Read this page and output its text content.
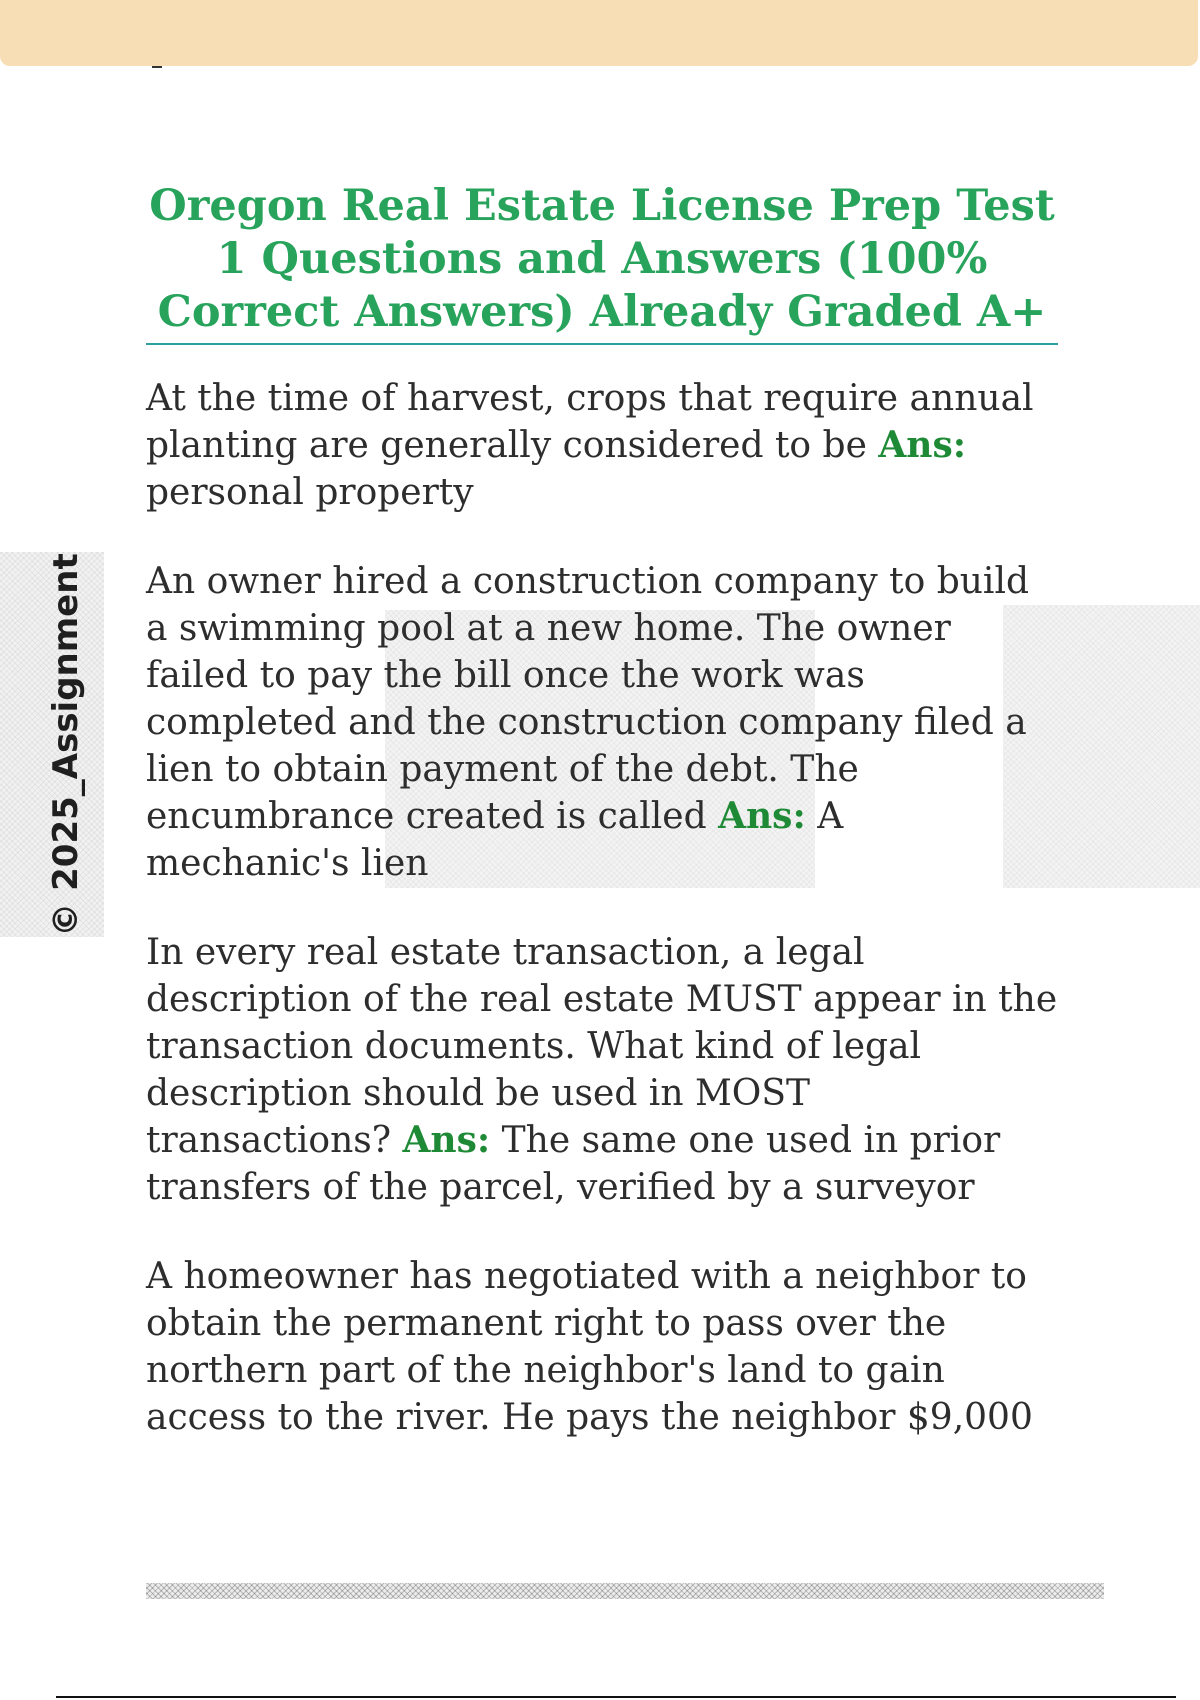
© 2025_Assignment
Oregon Real Estate License Prep Test 1 Questions and Answers (100% Correct Answers) Already Graded A+

At the time of harvest, crops that require annual planting are generally considered to be Ans: personal property

An owner hired a construction company to build a swimming pool at a new home. The owner failed to pay the bill once the work was completed and the construction company filed a lien to obtain payment of the debt. The encumbrance created is called Ans: A mechanic's lien

In every real estate transaction, a legal description of the real estate MUST appear in the transaction documents. What kind of legal description should be used in MOST transactions? Ans: The same one used in prior transfers of the parcel, verified by a surveyor

A homeowner has negotiated with a neighbor to obtain the permanent right to pass over the northern part of the neighbor's land to gain access to the river. He pays the neighbor $9,000
